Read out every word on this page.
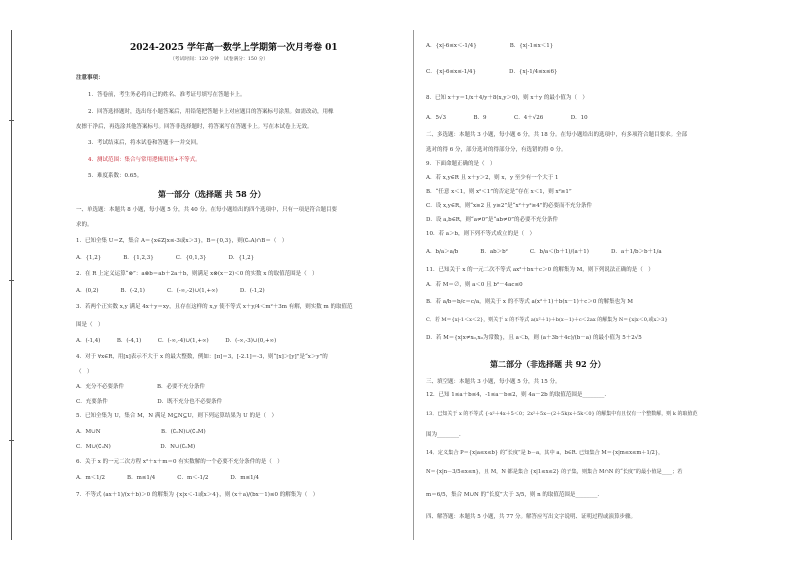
2024-2025 学年高一数学上学期第一次月考卷 01
（考试时间：120 分钟　试卷满分：150 分）
注意事项：
1．答卷前，考生务必将自己的姓名、准考证号填写在答题卡上。
2．回答选择题时，选出每小题答案后，用铅笔把答题卡上对应题目的答案标号涂黑。如需改动，用橡
皮擦干净后，再选涂其他答案标号。回答非选择题时，将答案写在答题卡上。写在本试卷上无效。
3．考试结束后，将本试卷和答题卡一并交回。
4．测试范围：集合与常用逻辑用语+不等式。
5．难度系数：0.65。
第一部分（选择题 共 58 分）
一、单选题：本题共 8 小题，每小题 5 分，共 40 分。在每小题给出的四个选项中，只有一项是符合题目要
求的。
1．已知全集 U＝Z，集合 A＝{x∈Z|x≤-3或x＞3}，B＝{0,3}，则(∁ᵤA)∩B＝（　）
A．{1,2}　　　　B．{1,2,3}　　　　C．{0,1,3}　　　　D．{1,2}
2．在 R 上定义运算“⊗”：a⊗b＝ab＋2a＋b，则满足 x⊗(x－2)＜0 的实数 x 的取值范围是（　）
A．(0,2)　　　　B．(-2,1)　　　　C．(-∞,-2)∪(1,+∞)　　　　D．(-1,2)
3．若两个正实数 x,y 满足 4x＋y＝xy，且存在这样的 x,y 使不等式 x＋y/4＜m²＋3m 有解，则实数 m 的取值范
围是（　）
A．(-1,4)　　　B．(-4,1)　　　C．(-∞,-4)∪(1,+∞)　　　D．(-∞,-3)∪(0,+∞)
4．对于 ∀x∈R，用[x]表示不大于 x 的最大整数，例如：[π]＝3，[-2.1]＝-3，则“[x]＞[y]”是“x＞y”的
（　）
A．充分不必要条件　　　　　　B．必要不充分条件
C．充要条件　　　　　　　　　D．既不充分也不必要条件
5．已知全集为 U，集合 M，N 满足 M⊆N⊆U，则下列运算结果为 U 的是（　）
A．M∪N　　　　　　　　　　　B．(∁ᵤN)∪(∁ᵤM)
C．M∪(∁ᵤN)　　　　　　　　　D．N∪(∁ᵤM)
6．关于 x 的一元二次方程 x²＋x＋m＝0 有实数解的一个必要不充分条件的是（　）
A．m＜1/2　　　　B．m≤1/4　　　　C．m＜-1/2　　　　D．m≤1/4
7．不等式 (ax＋1)/(x＋b)＞0 的解集为 {x|x＜-1或x＞4}，则 (x＋a)/(bx－1)≤0 的解集为（　）
A．{x|-6≤x＜-1/4}　　　　　　B．{x|-1≤x＜1}
C．{x|-6≤x≤-1/4}　　　　　　D．{x|-1/4≤x≤6}
8．已知 x＋y＝1/x＋4/y＋8(x,y＞0)，则 x＋y 的最小值为（　）
A．5√3　　　　　B．9　　　　　C．4＋√26　　　　　D．10
二、多选题：本题共 3 小题，每小题 6 分，共 18 分。在每小题给出的选项中，有多项符合题目要求。全部
选对的得 6 分，部分选对的得部分分，有选错的得 0 分。
9．下面命题正确的是（　）
A．若 x,y∈R 且 x＋y＞2，则 x，y 至少有一个大于 1
B．“任意 x＜1，则 x²＜1”的否定是“存在 x＜1，则 x²≥1”
C．设 x,y∈R，则“x≥2 且 y≥2”是“x²＋y²≥4”的必要而不充分条件
D．设 a,b∈R，则“a≠0”是“ab≠0”的必要不充分条件
10．若 a＞b，则下列不等式成立的是（　）
A．b/a＞a/b　　　　B．ab＞b²　　　　C．b/a＜(b＋1)/(a＋1)　　　　D．a＋1/b＞b＋1/a
11．已知关于 x 的一元二次不等式 ax²＋bx＋c＞0 的解集为 M，则下列说法正确的是（　）
A．若 M＝∅，则 a＜0 且 b²－4ac≤0
B．若 a/b＝b/c＝c/a，则关于 x 的不等式 a(x²＋1)＋b(x－1)＋c＞0 的解集也为 M
C．若 M＝{x|-1＜x＜2}，则关于 x 的不等式 a(x²＋1)＋b(x－1)＋c＜2ax 的解集为 N＝{x|x＜0,或x＞3}
D．若 M＝{x|x≠x₀,x₀为常数}，且 a＜b，则 (a＋3b＋4c)/(b－a) 的最小值为 5＋2√5
第二部分（非选择题 共 92 分）
三、填空题：本题共 3 小题，每小题 5 分，共 15 分。
12．已知 1≤a＋b≤4，-1≤a－b≤2，则 4a－2b 的取值范围是________.
13．已知关于 x 的不等式 {-x²＋4x＋5＜0；2x²＋5x－(2＋5k)x＋5k＜0} 的解集中有且仅有一个整数解，则 k 的取值范
围为________.
14．定义集合 P＝{x|a≤x≤b} 的“长度”是 b－a，其中 a，b∈R. 已知集合 M＝{x|m≤x≤m＋1/2}，
N＝{x|n－3/5≤x≤n}，且 M，N 都是集合 {x|1≤x≤2} 的子集，则集合 M∩N 的“长度”的最小值是____；若
m＝6/5，集合 M∪N 的“长度”大于 3/5，则 n 的取值范围是________.
四、解答题：本题共 5 小题，共 77 分。解答应写出文字说明、证明过程或演算步骤。
